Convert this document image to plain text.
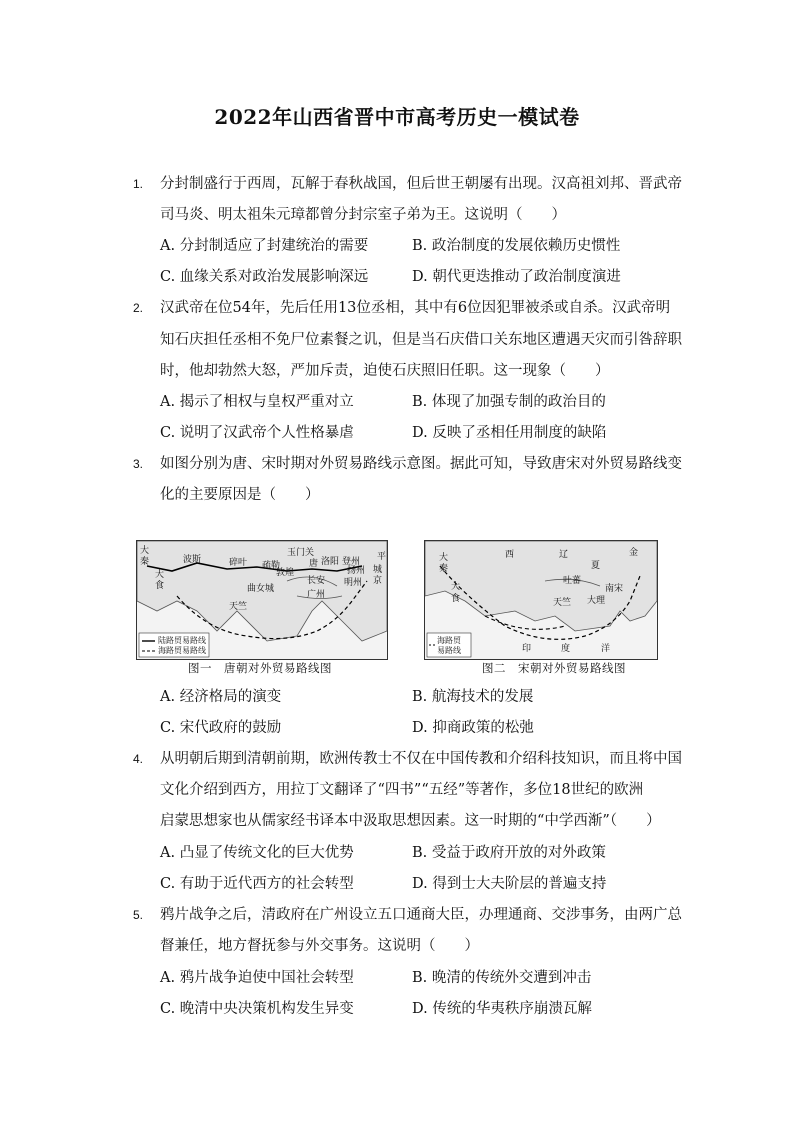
2022年山西省晋中市高考历史一模试卷
1. 分封制盛行于西周，瓦解于春秋战国，但后世王朝屡有出现。汉高祖刘邦、晋武帝
司马炎、明太祖朱元璋都曾分封宗室子弟为王。这说明（　　）
A. 分封制适应了封建统治的需要	B. 政治制度的发展依赖历史惯性
C. 血缘关系对政治发展影响深远	D. 朝代更迭推动了政治制度演进
2. 汉武帝在位54年，先后任用13位丞相，其中有6位因犯罪被杀或自杀。汉武帝明
知石庆担任丞相不免尸位素餐之讥，但是当石庆借口关东地区遭遇天灾而引咎辞职
时，他却勃然大怒，严加斥责，迫使石庆照旧任职。这一现象（　　）
A. 揭示了相权与皇权严重对立	B. 体现了加强专制的政治目的
C. 说明了汉武帝个人性格暴虐	D. 反映了丞相任用制度的缺陷
3. 如图分别为唐、宋时期对外贸易路线示意图。据此可知，导致唐宋对外贸易路线变
化的主要原因是（　　）
大
秦	波斯
大
食
碎叶
玉门关
疏勒
敦煌
长安
唐 洛阳 登州
明州
扬州
广州
天竺
曲女城
平
城
京
陆路贸易路线
海路贸易路线
图一　唐朝对外贸易路线图
西	辽	金
夏
吐蕃
大秦
大
食
南宋
大理
天竺
印	度	洋
海路贸
易路线
图二　宋朝对外贸易路线图
A. 经济格局的演变	B. 航海技术的发展
C. 宋代政府的鼓励	D. 抑商政策的松弛
4. 从明朝后期到清朝前期，欧洲传教士不仅在中国传教和介绍科技知识，而且将中国
文化介绍到西方，用拉丁文翻译了“四书”“五经”等著作，多位18世纪的欧洲
启蒙思想家也从儒家经书译本中汲取思想因素。这一时期的“中学西渐”（　　）
A. 凸显了传统文化的巨大优势	B. 受益于政府开放的对外政策
C. 有助于近代西方的社会转型	D. 得到士大夫阶层的普遍支持
5. 鸦片战争之后，清政府在广州设立五口通商大臣，办理通商、交涉事务，由两广总
督兼任，地方督抚参与外交事务。这说明（　　）
A. 鸦片战争迫使中国社会转型	B. 晚清的传统外交遭到冲击
C. 晚清中央决策机构发生异变	D. 传统的华夷秩序崩溃瓦解
